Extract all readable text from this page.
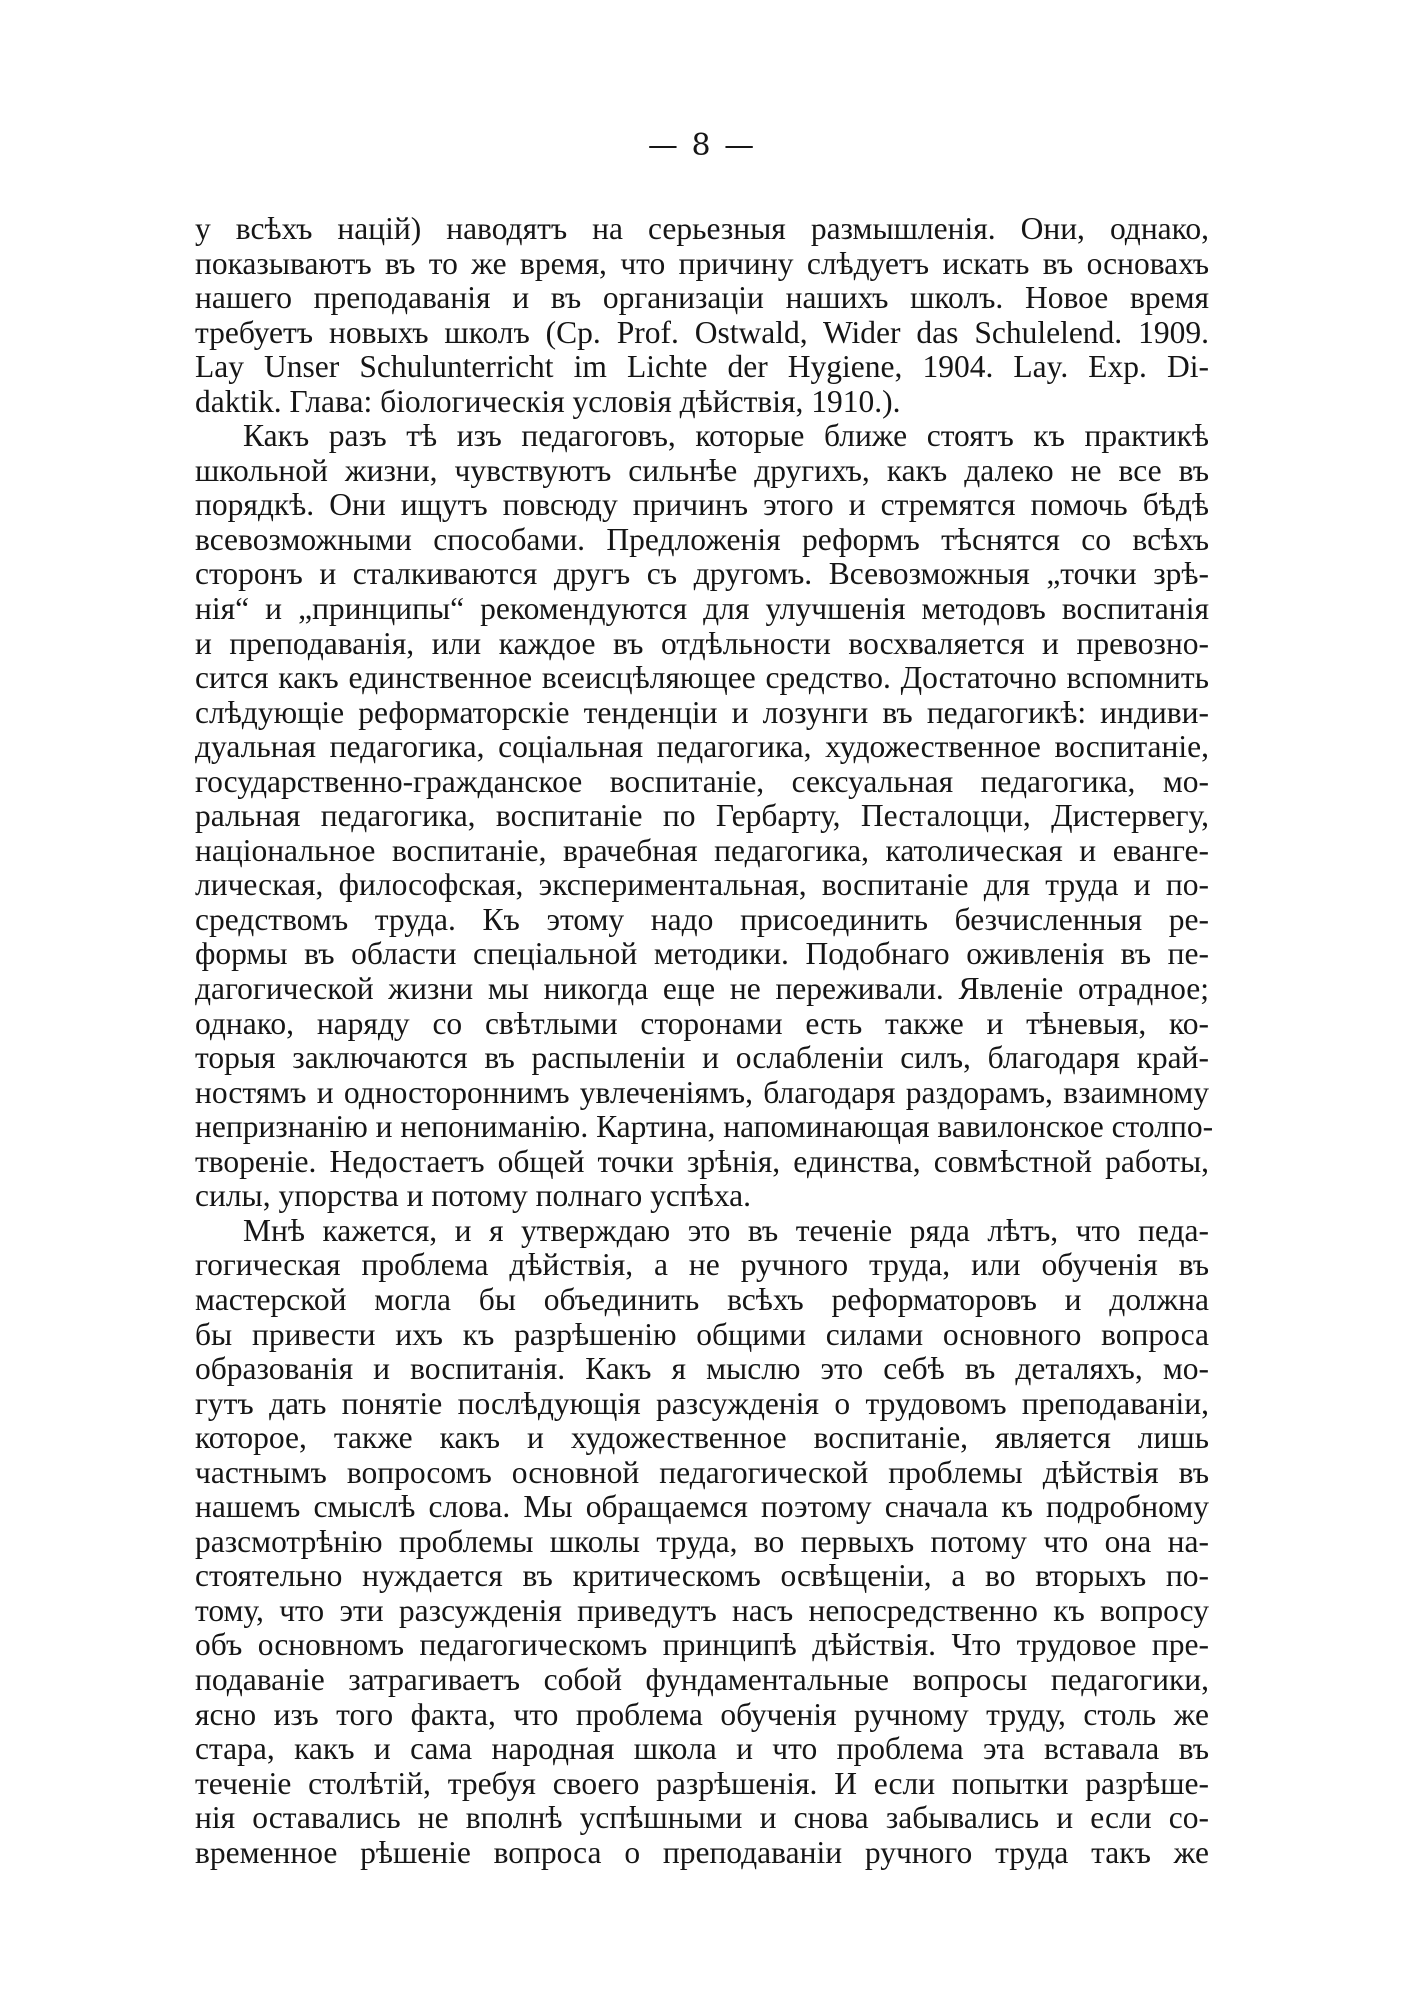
— 8 —
у всѣхъ націй) наводятъ на серьезныя размышленія. Они, однако,
показываютъ въ то же время, что причину слѣдуетъ искать въ основахъ
нашего преподаванія и въ организаціи нашихъ школъ. Новое время
требуетъ новыхъ школъ (Cp. Prof. Ostwald, Wider das Schulelend. 1909.
Lay Unser Schulunterricht im Lichte der Hygiene, 1904. Lay. Exp. Di-
daktik. Глава: біологическія условія дѣйствія, 1910.).
Какъ разъ тѣ изъ педагоговъ, которые ближе стоятъ къ практикѣ
школьной жизни, чувствуютъ сильнѣе другихъ, какъ далеко не все въ
порядкѣ. Они ищутъ повсюду причинъ этого и стремятся помочь бѣдѣ
всевозможными способами. Предложенія реформъ тѣснятся со всѣхъ
сторонъ и сталкиваются другъ съ другомъ. Всевозможныя „точки зрѣ-
нія“ и „принципы“ рекомендуются для улучшенія методовъ воспитанія
и преподаванія, или каждое въ отдѣльности восхваляется и превозно-
сится какъ единственное всеисцѣляющее средство. Достаточно вспомнить
слѣдующіе реформаторскіе тенденціи и лозунги въ педагогикѣ: индиви-
дуальная педагогика, соціальная педагогика, художественное воспитаніе,
государственно-гражданское воспитаніе, сексуальная педагогика, мо-
ральная педагогика, воспитаніе по Гербарту, Песталоцци, Дистервегу,
національное воспитаніе, врачебная педагогика, католическая и еванге-
лическая, философская, экспериментальная, воспитаніе для труда и по-
средствомъ труда. Къ этому надо присоединить безчисленныя ре-
формы въ области спеціальной методики. Подобнаго оживленія въ пе-
дагогической жизни мы никогда еще не переживали. Явленіе отрадное;
однако, наряду со свѣтлыми сторонами есть также и тѣневыя, ко-
торыя заключаются въ распыленіи и ослабленіи силъ, благодаря край-
ностямъ и одностороннимъ увлеченіямъ, благодаря раздорамъ, взаимному
непризнанію и непониманію. Картина, напоминающая вавилонское столпо-
твореніе. Недостаетъ общей точки зрѣнія, единства, совмѣстной работы,
силы, упорства и потому полнаго успѣха.
Мнѣ кажется, и я утверждаю это въ теченіе ряда лѣтъ, что педа-
гогическая проблема дѣйствія, а не ручного труда, или обученія въ
мастерской могла бы объединить всѣхъ реформаторовъ и должна
бы привести ихъ къ разрѣшенію общими силами основного вопроса
образованія и воспитанія. Какъ я мыслю это себѣ въ деталяхъ, мо-
гутъ дать понятіе послѣдующія разсужденія о трудовомъ преподаваніи,
которое, также какъ и художественное воспитаніе, является лишь
частнымъ вопросомъ основной педагогической проблемы дѣйствія въ
нашемъ смыслѣ слова. Мы обращаемся поэтому сначала къ подробному
разсмотрѣнію проблемы школы труда, во первыхъ потому что она на-
стоятельно нуждается въ критическомъ освѣщеніи, а во вторыхъ по-
тому, что эти разсужденія приведутъ насъ непосредственно къ вопросу
объ основномъ педагогическомъ принципѣ дѣйствія. Что трудовое пре-
подаваніе затрагиваетъ собой фундаментальные вопросы педагогики,
ясно изъ того факта, что проблема обученія ручному труду, столь же
стара, какъ и сама народная школа и что проблема эта вставала въ
теченіе столѣтій, требуя своего разрѣшенія. И если попытки разрѣше-
нія оставались не вполнѣ успѣшными и снова забывались и если со-
временное рѣшеніе вопроса о преподаваніи ручного труда такъ же
